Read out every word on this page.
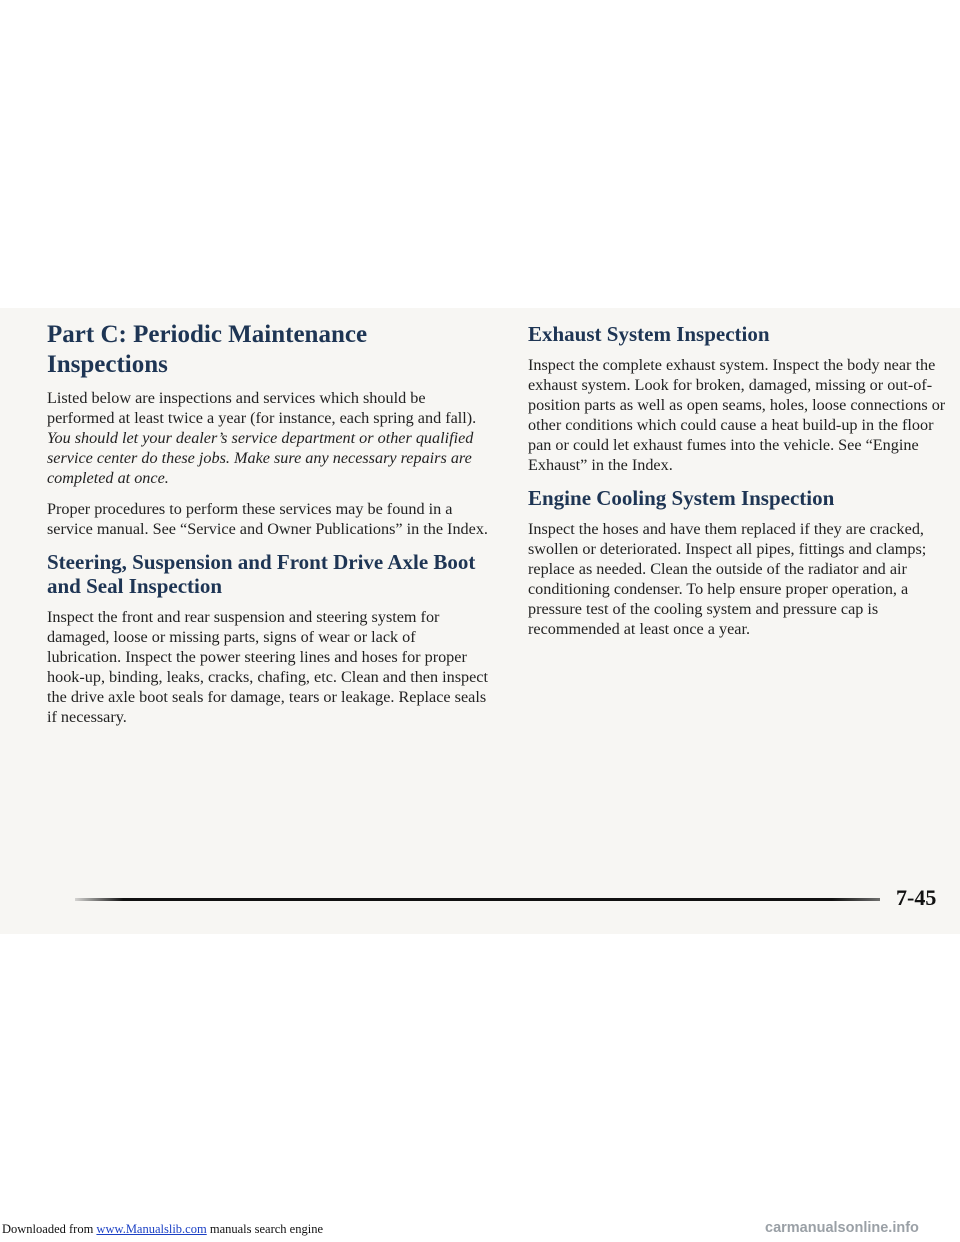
Part C: Periodic Maintenance Inspections

Listed below are inspections and services which should be performed at least twice a year (for instance, each spring and fall). You should let your dealer’s service department or other qualified service center do these jobs. Make sure any necessary repairs are completed at once.

Proper procedures to perform these services may be found in a service manual. See “Service and Owner Publications” in the Index.

Steering, Suspension and Front Drive Axle Boot and Seal Inspection

Inspect the front and rear suspension and steering system for damaged, loose or missing parts, signs of wear or lack of lubrication. Inspect the power steering lines and hoses for proper hook-up, binding, leaks, cracks, chafing, etc. Clean and then inspect the drive axle boot seals for damage, tears or leakage. Replace seals if necessary.

Exhaust System Inspection

Inspect the complete exhaust system. Inspect the body near the exhaust system. Look for broken, damaged, missing or out-of-position parts as well as open seams, holes, loose connections or other conditions which could cause a heat build-up in the floor pan or could let exhaust fumes into the vehicle. See “Engine Exhaust” in the Index.

Engine Cooling System Inspection

Inspect the hoses and have them replaced if they are cracked, swollen or deteriorated. Inspect all pipes, fittings and clamps; replace as needed. Clean the outside of the radiator and air conditioning condenser. To help ensure proper operation, a pressure test of the cooling system and pressure cap is recommended at least once a year.

7-45
Downloaded from www.Manualslib.com manuals search engine	carmanualsonline.info
